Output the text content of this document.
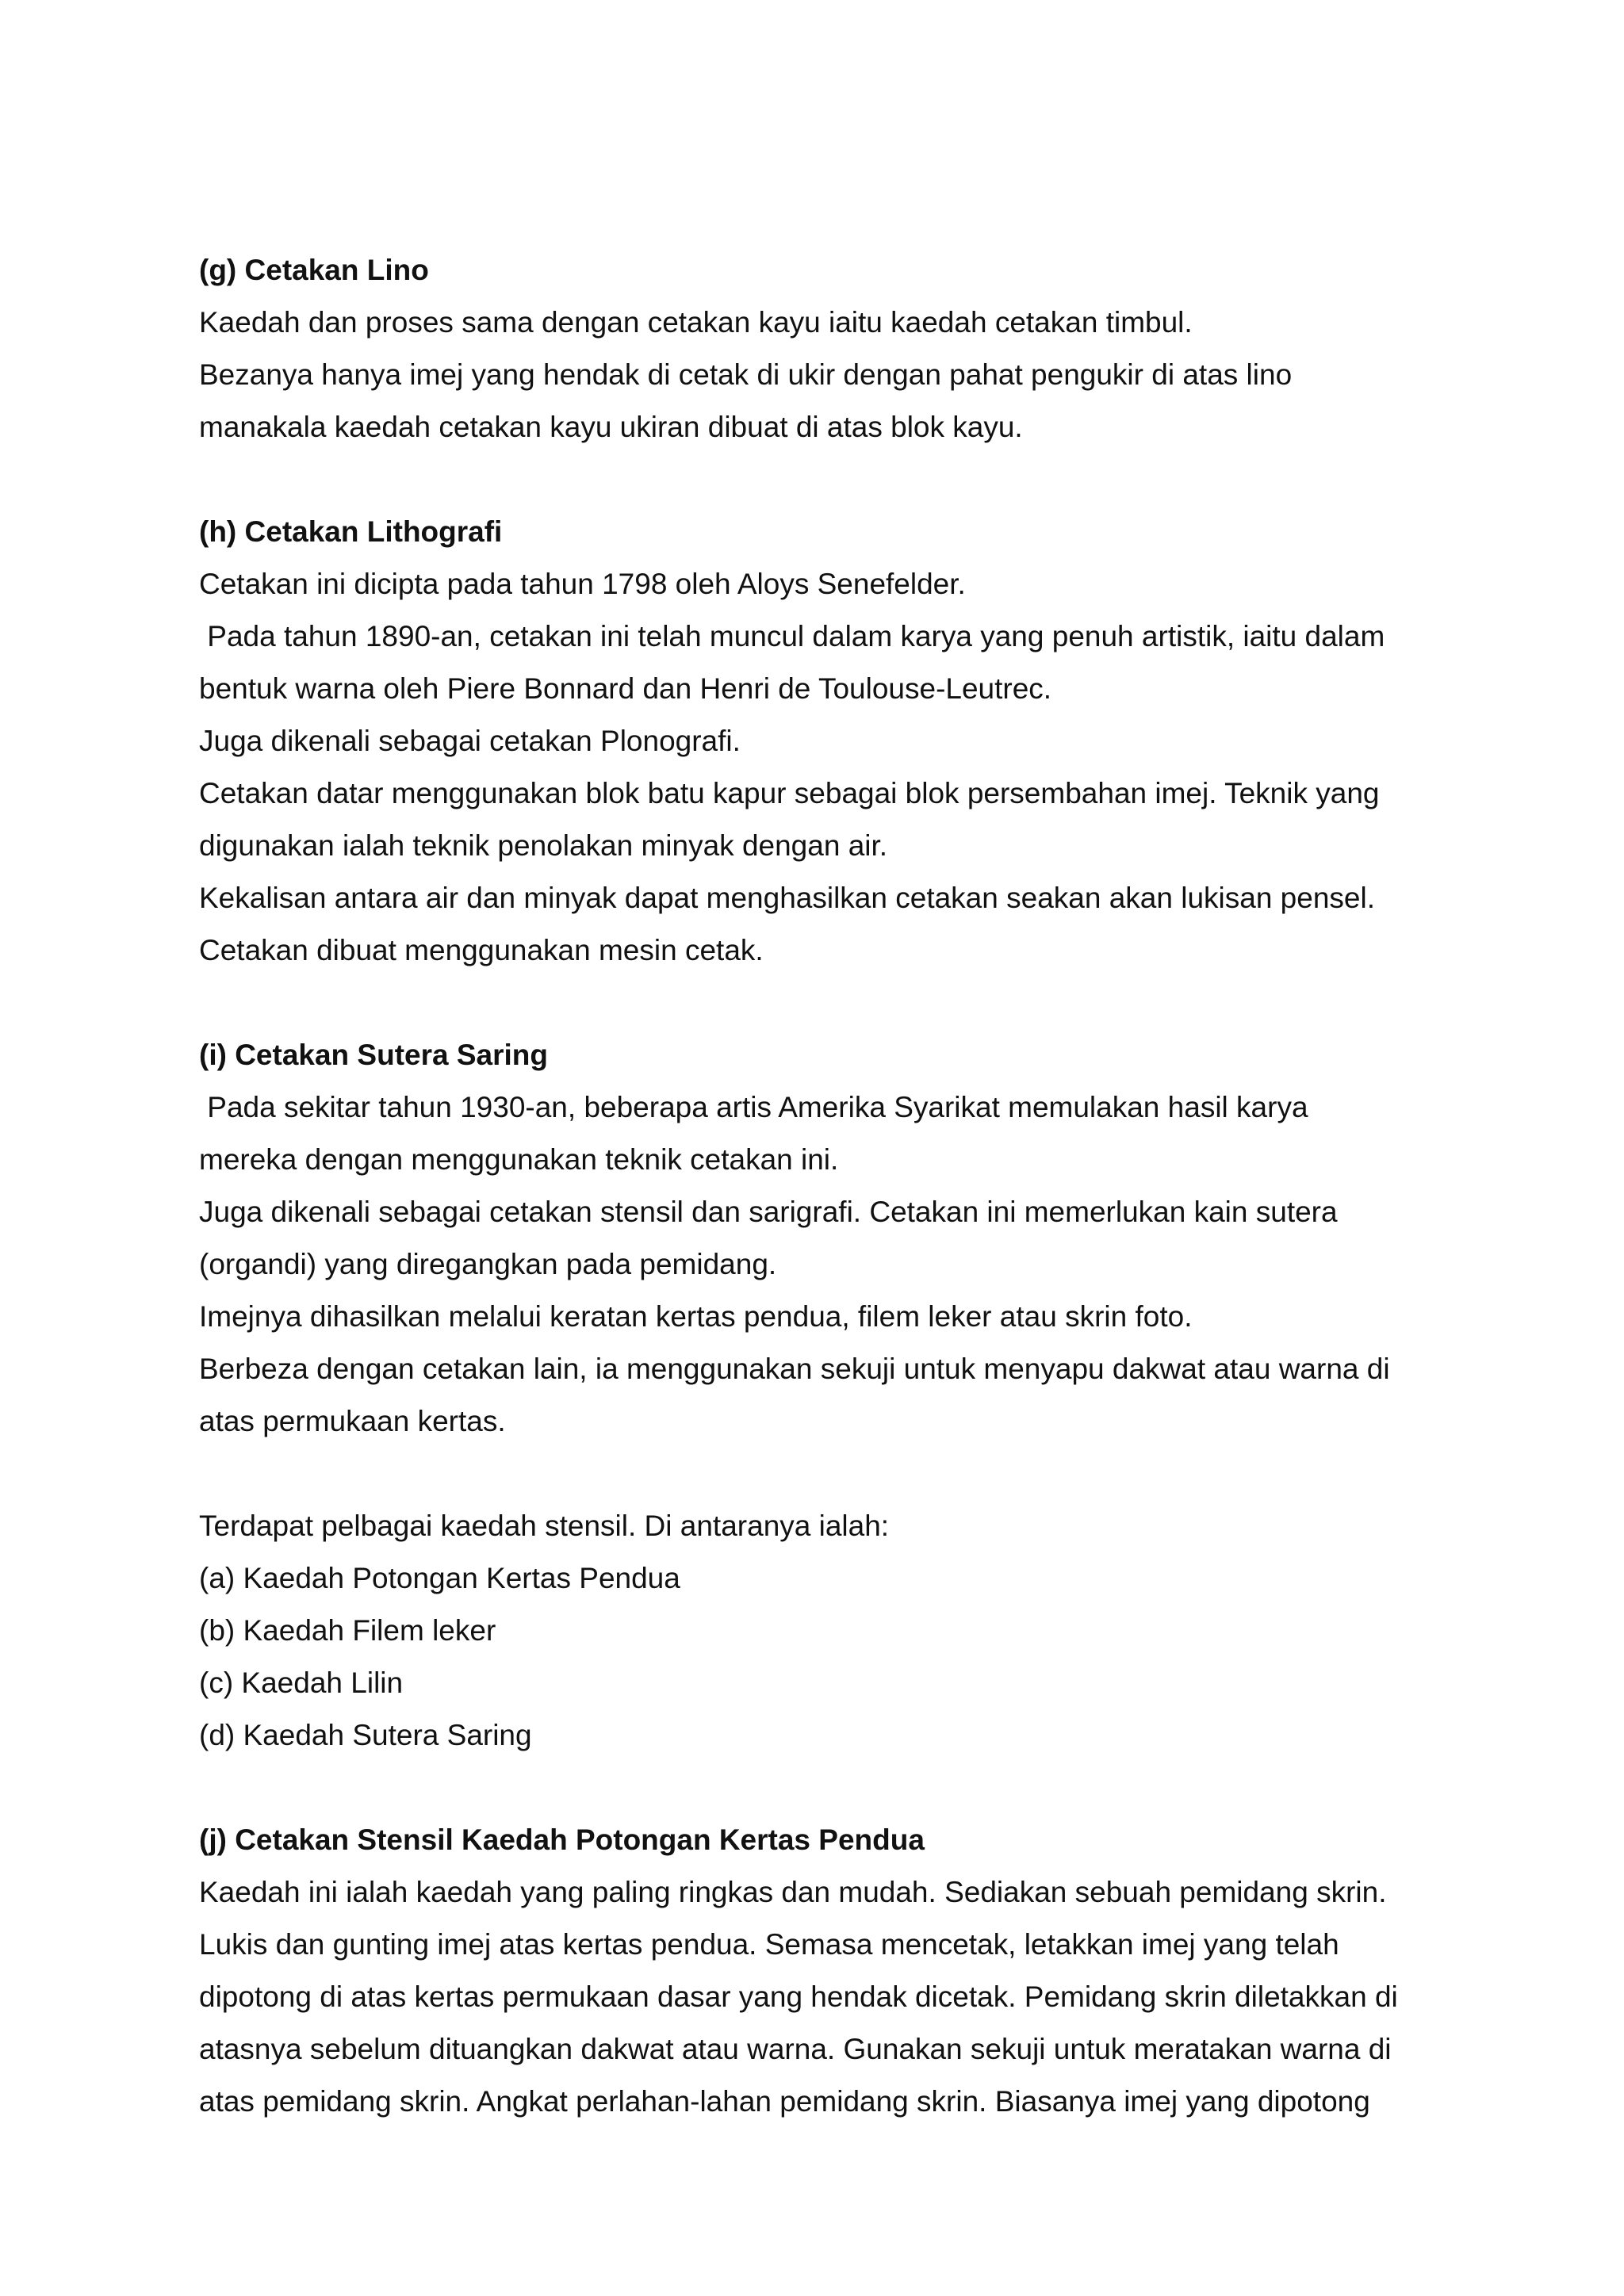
(g) Cetakan Lino

Kaedah dan proses sama dengan cetakan kayu iaitu kaedah cetakan timbul.

Bezanya hanya imej yang hendak di cetak di ukir dengan pahat pengukir di atas lino

manakala kaedah cetakan kayu ukiran dibuat di atas blok kayu.

(h) Cetakan Lithografi

Cetakan ini dicipta pada tahun 1798 oleh Aloys Senefelder.

Pada tahun 1890-an, cetakan ini telah muncul dalam karya yang penuh artistik, iaitu dalam

bentuk warna oleh Piere Bonnard dan Henri de Toulouse-Leutrec.

Juga dikenali sebagai cetakan Plonografi.

Cetakan datar menggunakan blok batu kapur sebagai blok persembahan imej. Teknik yang

digunakan ialah teknik penolakan minyak dengan air.

Kekalisan antara air dan minyak dapat menghasilkan cetakan seakan akan lukisan pensel.

Cetakan dibuat menggunakan mesin cetak.

(i) Cetakan Sutera Saring

Pada sekitar tahun 1930-an, beberapa artis Amerika Syarikat memulakan hasil karya

mereka dengan menggunakan teknik cetakan ini.

Juga dikenali sebagai cetakan stensil dan sarigrafi. Cetakan ini memerlukan kain sutera

(organdi) yang diregangkan pada pemidang.

Imejnya dihasilkan melalui keratan kertas pendua, filem leker atau skrin foto.

Berbeza dengan cetakan lain, ia menggunakan sekuji untuk menyapu dakwat atau warna di

atas permukaan kertas.

Terdapat pelbagai kaedah stensil. Di antaranya ialah:

(a) Kaedah Potongan Kertas Pendua

(b) Kaedah Filem leker

(c) Kaedah Lilin

(d) Kaedah Sutera Saring

(j) Cetakan Stensil Kaedah Potongan Kertas Pendua

Kaedah ini ialah kaedah yang paling ringkas dan mudah. Sediakan sebuah pemidang skrin.

Lukis dan gunting imej atas kertas pendua. Semasa mencetak, letakkan imej yang telah

dipotong di atas kertas permukaan dasar yang hendak dicetak. Pemidang skrin diletakkan di

atasnya sebelum dituangkan dakwat atau warna. Gunakan sekuji untuk meratakan warna di

atas pemidang skrin. Angkat perlahan-lahan pemidang skrin. Biasanya imej yang dipotong
